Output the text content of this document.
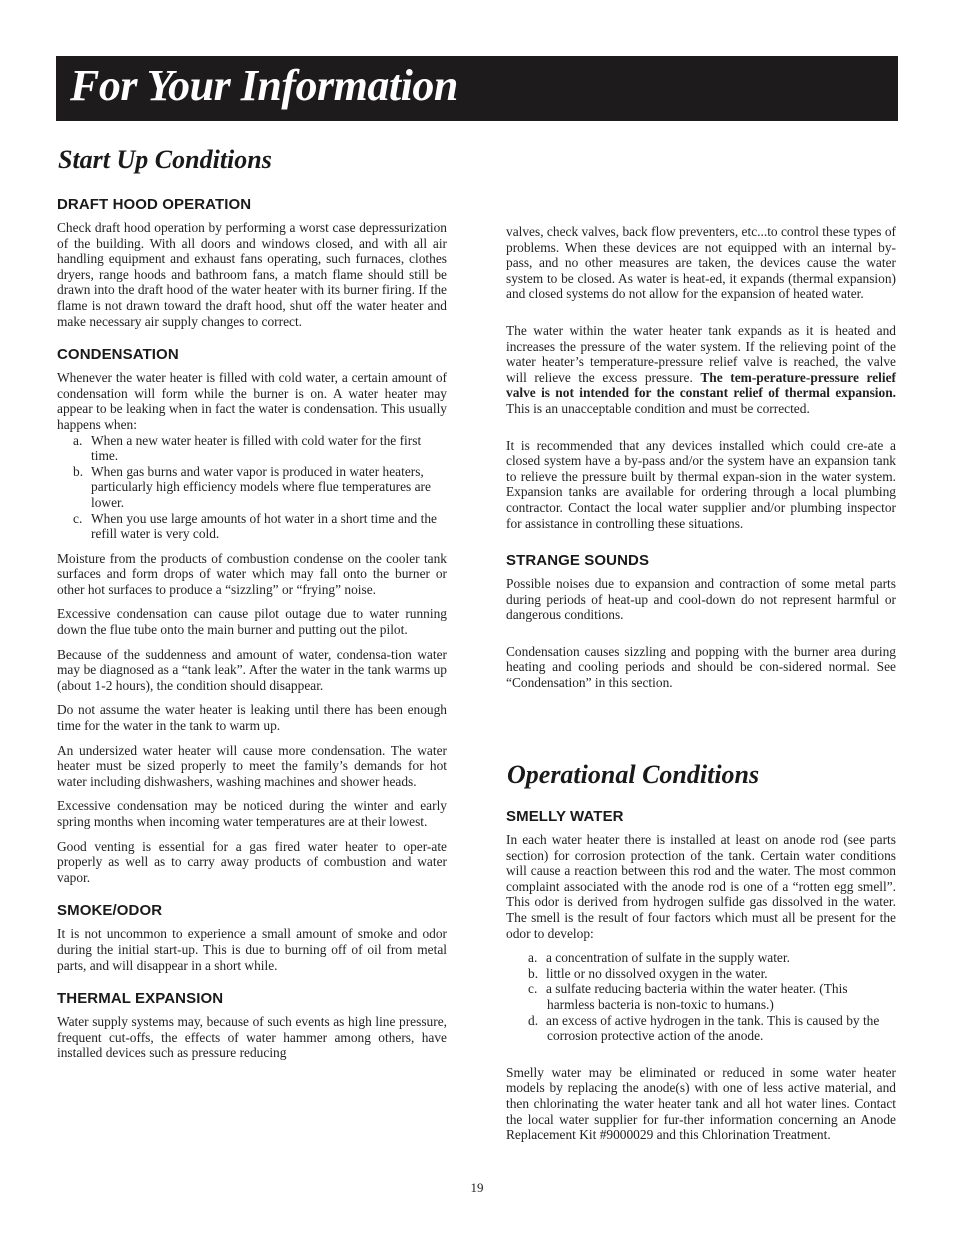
For Your Information
Start Up Conditions
DRAFT HOOD OPERATION

Check draft hood operation by performing a worst case depressurization of the building. With all doors and windows closed, and with all air handling equipment and exhaust fans operating, such furnaces, clothes dryers, range hoods and bathroom fans, a match flame should still be drawn into the draft hood of the water heater with its burner firing. If the flame is not drawn toward the draft hood, shut off the water heater and make necessary air supply changes to correct.

CONDENSATION

Whenever the water heater is filled with cold water, a certain amount of condensation will form while the burner is on. A water heater may appear to be leaking when in fact the water is condensation. This usually happens when:

a. When a new water heater is filled with cold water for the first time.
b. When gas burns and water vapor is produced in water heaters, particularly high efficiency models where flue temperatures are lower.
c. When you use large amounts of hot water in a short time and the refill water is very cold.

Moisture from the products of combustion condense on the cooler tank surfaces and form drops of water which may fall onto the burner or other hot surfaces to produce a “sizzling” or “frying” noise.

Excessive condensation can cause pilot outage due to water running down the flue tube onto the main burner and putting out the pilot.

Because of the suddenness and amount of water, condensa-tion water may be diagnosed as a “tank leak”. After the water in the tank warms up (about 1-2 hours), the condition should disappear.

Do not assume the water heater is leaking until there has been enough time for the water in the tank to warm up.

An undersized water heater will cause more condensation. The water heater must be sized properly to meet the family’s demands for hot water including dishwashers, washing machines and shower heads.

Excessive condensation may be noticed during the winter and early spring months when incoming water temperatures are at their lowest.

Good venting is essential for a gas fired water heater to oper-ate properly as well as to carry away products of combustion and water vapor.

SMOKE/ODOR

It is not uncommon to experience a small amount of smoke and odor during the initial start-up. This is due to burning off of oil from metal parts, and will disappear in a short while.

THERMAL EXPANSION

Water supply systems may, because of such events as high line pressure, frequent cut-offs, the effects of water hammer among others, have installed devices such as pressure reducing

valves, check valves, back flow preventers, etc...to control these types of problems. When these devices are not equipped with an internal by-pass, and no other measures are taken, the devices cause the water system to be closed. As water is heat-ed, it expands (thermal expansion) and closed systems do not allow for the expansion of heated water.

The water within the water heater tank expands as it is heated and increases the pressure of the water system. If the relieving point of the water heater’s temperature-pressure relief valve is reached, the valve will relieve the excess pressure. The tem-perature-pressure relief valve is not intended for the constant relief of thermal expansion. This is an unacceptable condition and must be corrected.

It is recommended that any devices installed which could cre-ate a closed system have a by-pass and/or the system have an expansion tank to relieve the pressure built by thermal expan-sion in the water system. Expansion tanks are available for ordering through a local plumbing contractor. Contact the local water supplier and/or plumbing inspector for assistance in controlling these situations.

STRANGE SOUNDS

Possible noises due to expansion and contraction of some metal parts during periods of heat-up and cool-down do not represent harmful or dangerous conditions.

Condensation causes sizzling and popping with the burner area during heating and cooling periods and should be con-sidered normal. See “Condensation” in this section.

Operational Conditions
SMELLY WATER

In each water heater there is installed at least on anode rod (see parts section) for corrosion protection of the tank. Certain water conditions will cause a reaction between this rod and the water. The most common complaint associated with the anode rod is one of a “rotten egg smell”. This odor is derived from hydrogen sulfide gas dissolved in the water. The smell is the result of four factors which must all be present for the odor to develop:

a. a concentration of sulfate in the supply water.
b. little or no dissolved oxygen in the water.
c. a sulfate reducing bacteria within the water heater. (This harmless bacteria is non-toxic to humans.)
d. an excess of active hydrogen in the tank. This is caused by the corrosion protective action of the anode.

Smelly water may be eliminated or reduced in some water heater models by replacing the anode(s) with one of less active material, and then chlorinating the water heater tank and all hot water lines. Contact the local water supplier for fur-ther information concerning an Anode Replacement Kit #9000029 and this Chlorination Treatment.

19
